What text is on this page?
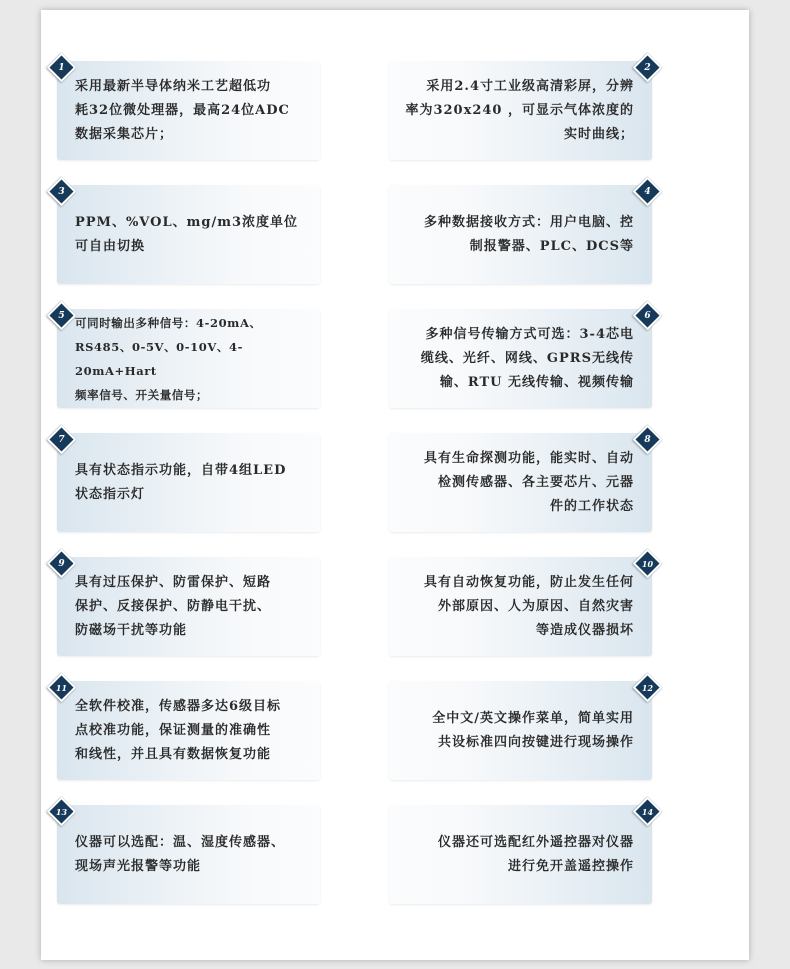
1
采用最新半导体纳米工艺超低功
耗32位微处理器，最高24位ADC
数据采集芯片；
2
采用2.4寸工业级高清彩屏，分辨
率为320x240 ，可显示气体浓度的
实时曲线；
3
PPM、%VOL、mg/m3浓度单位
可自由切换
4
多种数据接收方式：用户电脑、控
制报警器、PLC、DCS等
5 可同时输出多种信号：4-20mA、
RS485、0-5V、0-10V、4-20mA+Hart
频率信号、开关量信号；
6
多种信号传输方式可选：3-4芯电
缆线、光纤、网线、GPRS无线传
输、RTU 无线传输、视频传输
7
具有状态指示功能，自带4组LED
状态指示灯
8
具有生命探测功能，能实时、自动
检测传感器、各主要芯片、元器
件的工作状态
9
具有过压保护、防雷保护、短路
保护、反接保护、防静电干扰、
防磁场干扰等功能
10
具有自动恢复功能，防止发生任何
外部原因、人为原因、自然灾害
等造成仪器损坏
11
全软件校准，传感器多达6级目标
点校准功能，保证测量的准确性
和线性，并且具有数据恢复功能
12
全中文/英文操作菜单，简单实用
共设标准四向按键进行现场操作
13
仪器可以选配：温、湿度传感器、
现场声光报警等功能
14
仪器还可选配红外遥控器对仪器
进行免开盖遥控操作
